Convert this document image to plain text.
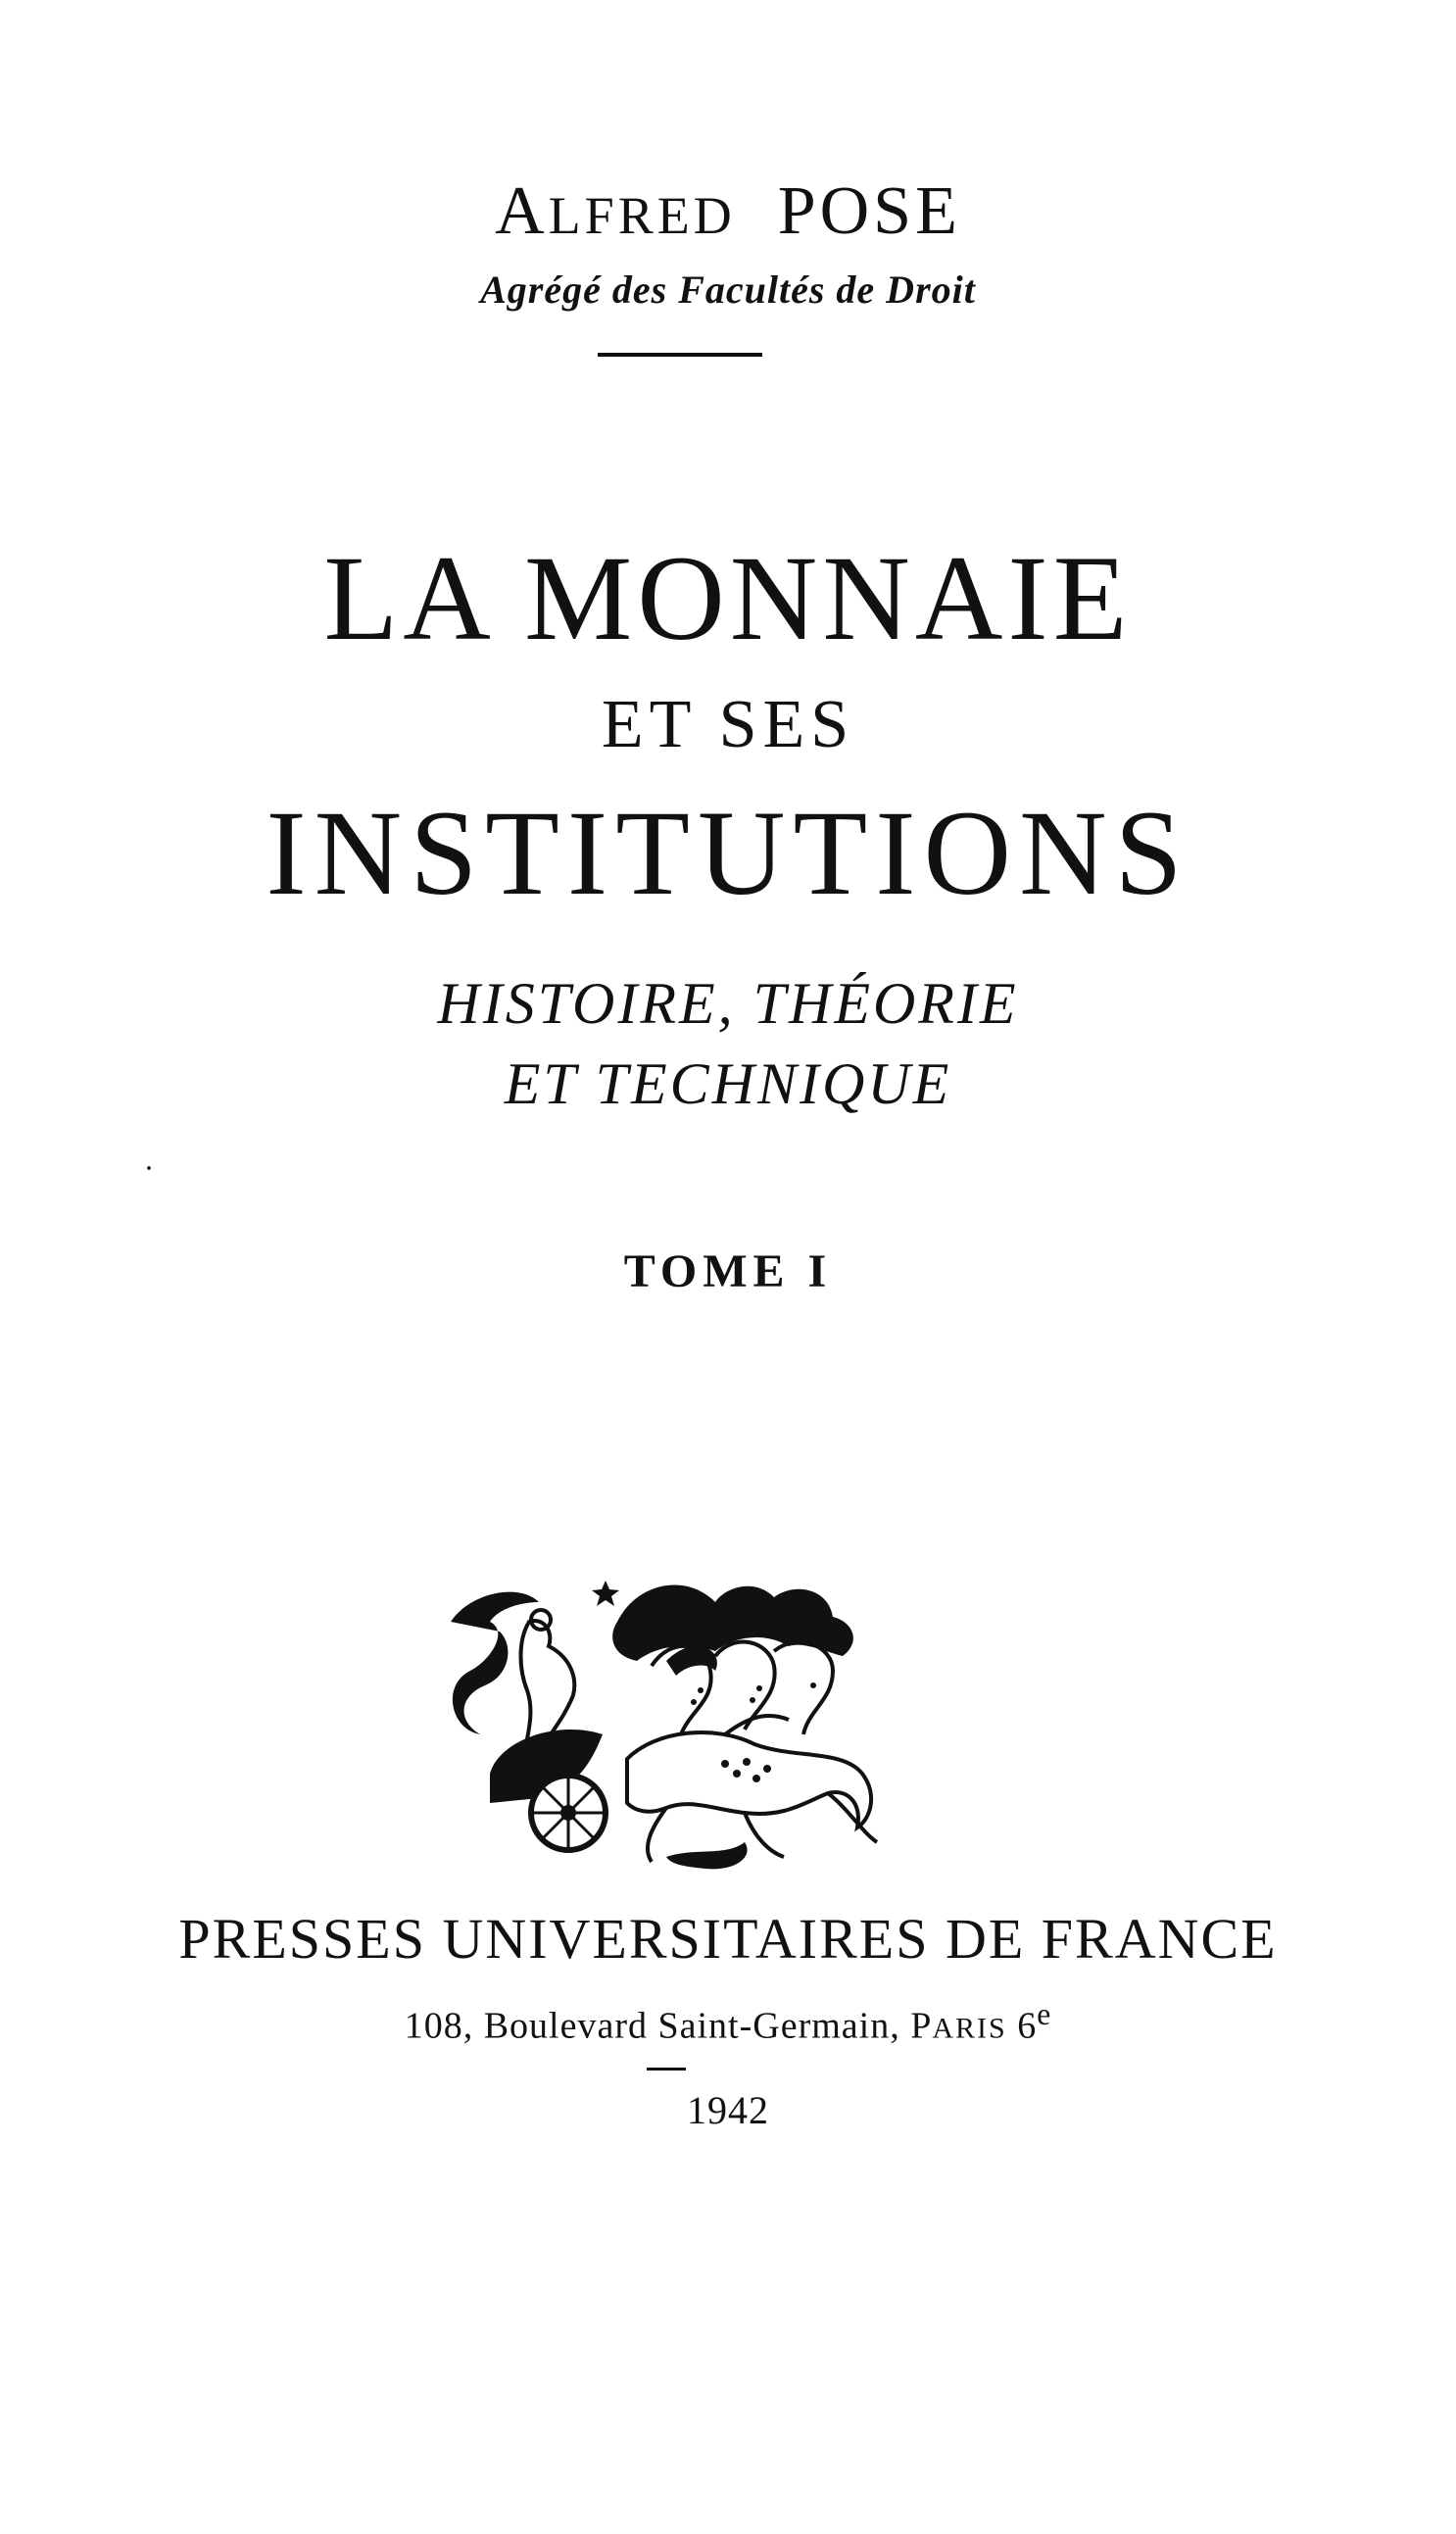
ALFRED POSE
Agrégé des Facultés de Droit
LA MONNAIE
ET SES
INSTITUTIONS
HISTOIRE, THÉORIE
ET TECHNIQUE
TOME I
PRESSES UNIVERSITAIRES DE FRANCE
108, Boulevard Saint-Germain, PARIS 6e
1942
